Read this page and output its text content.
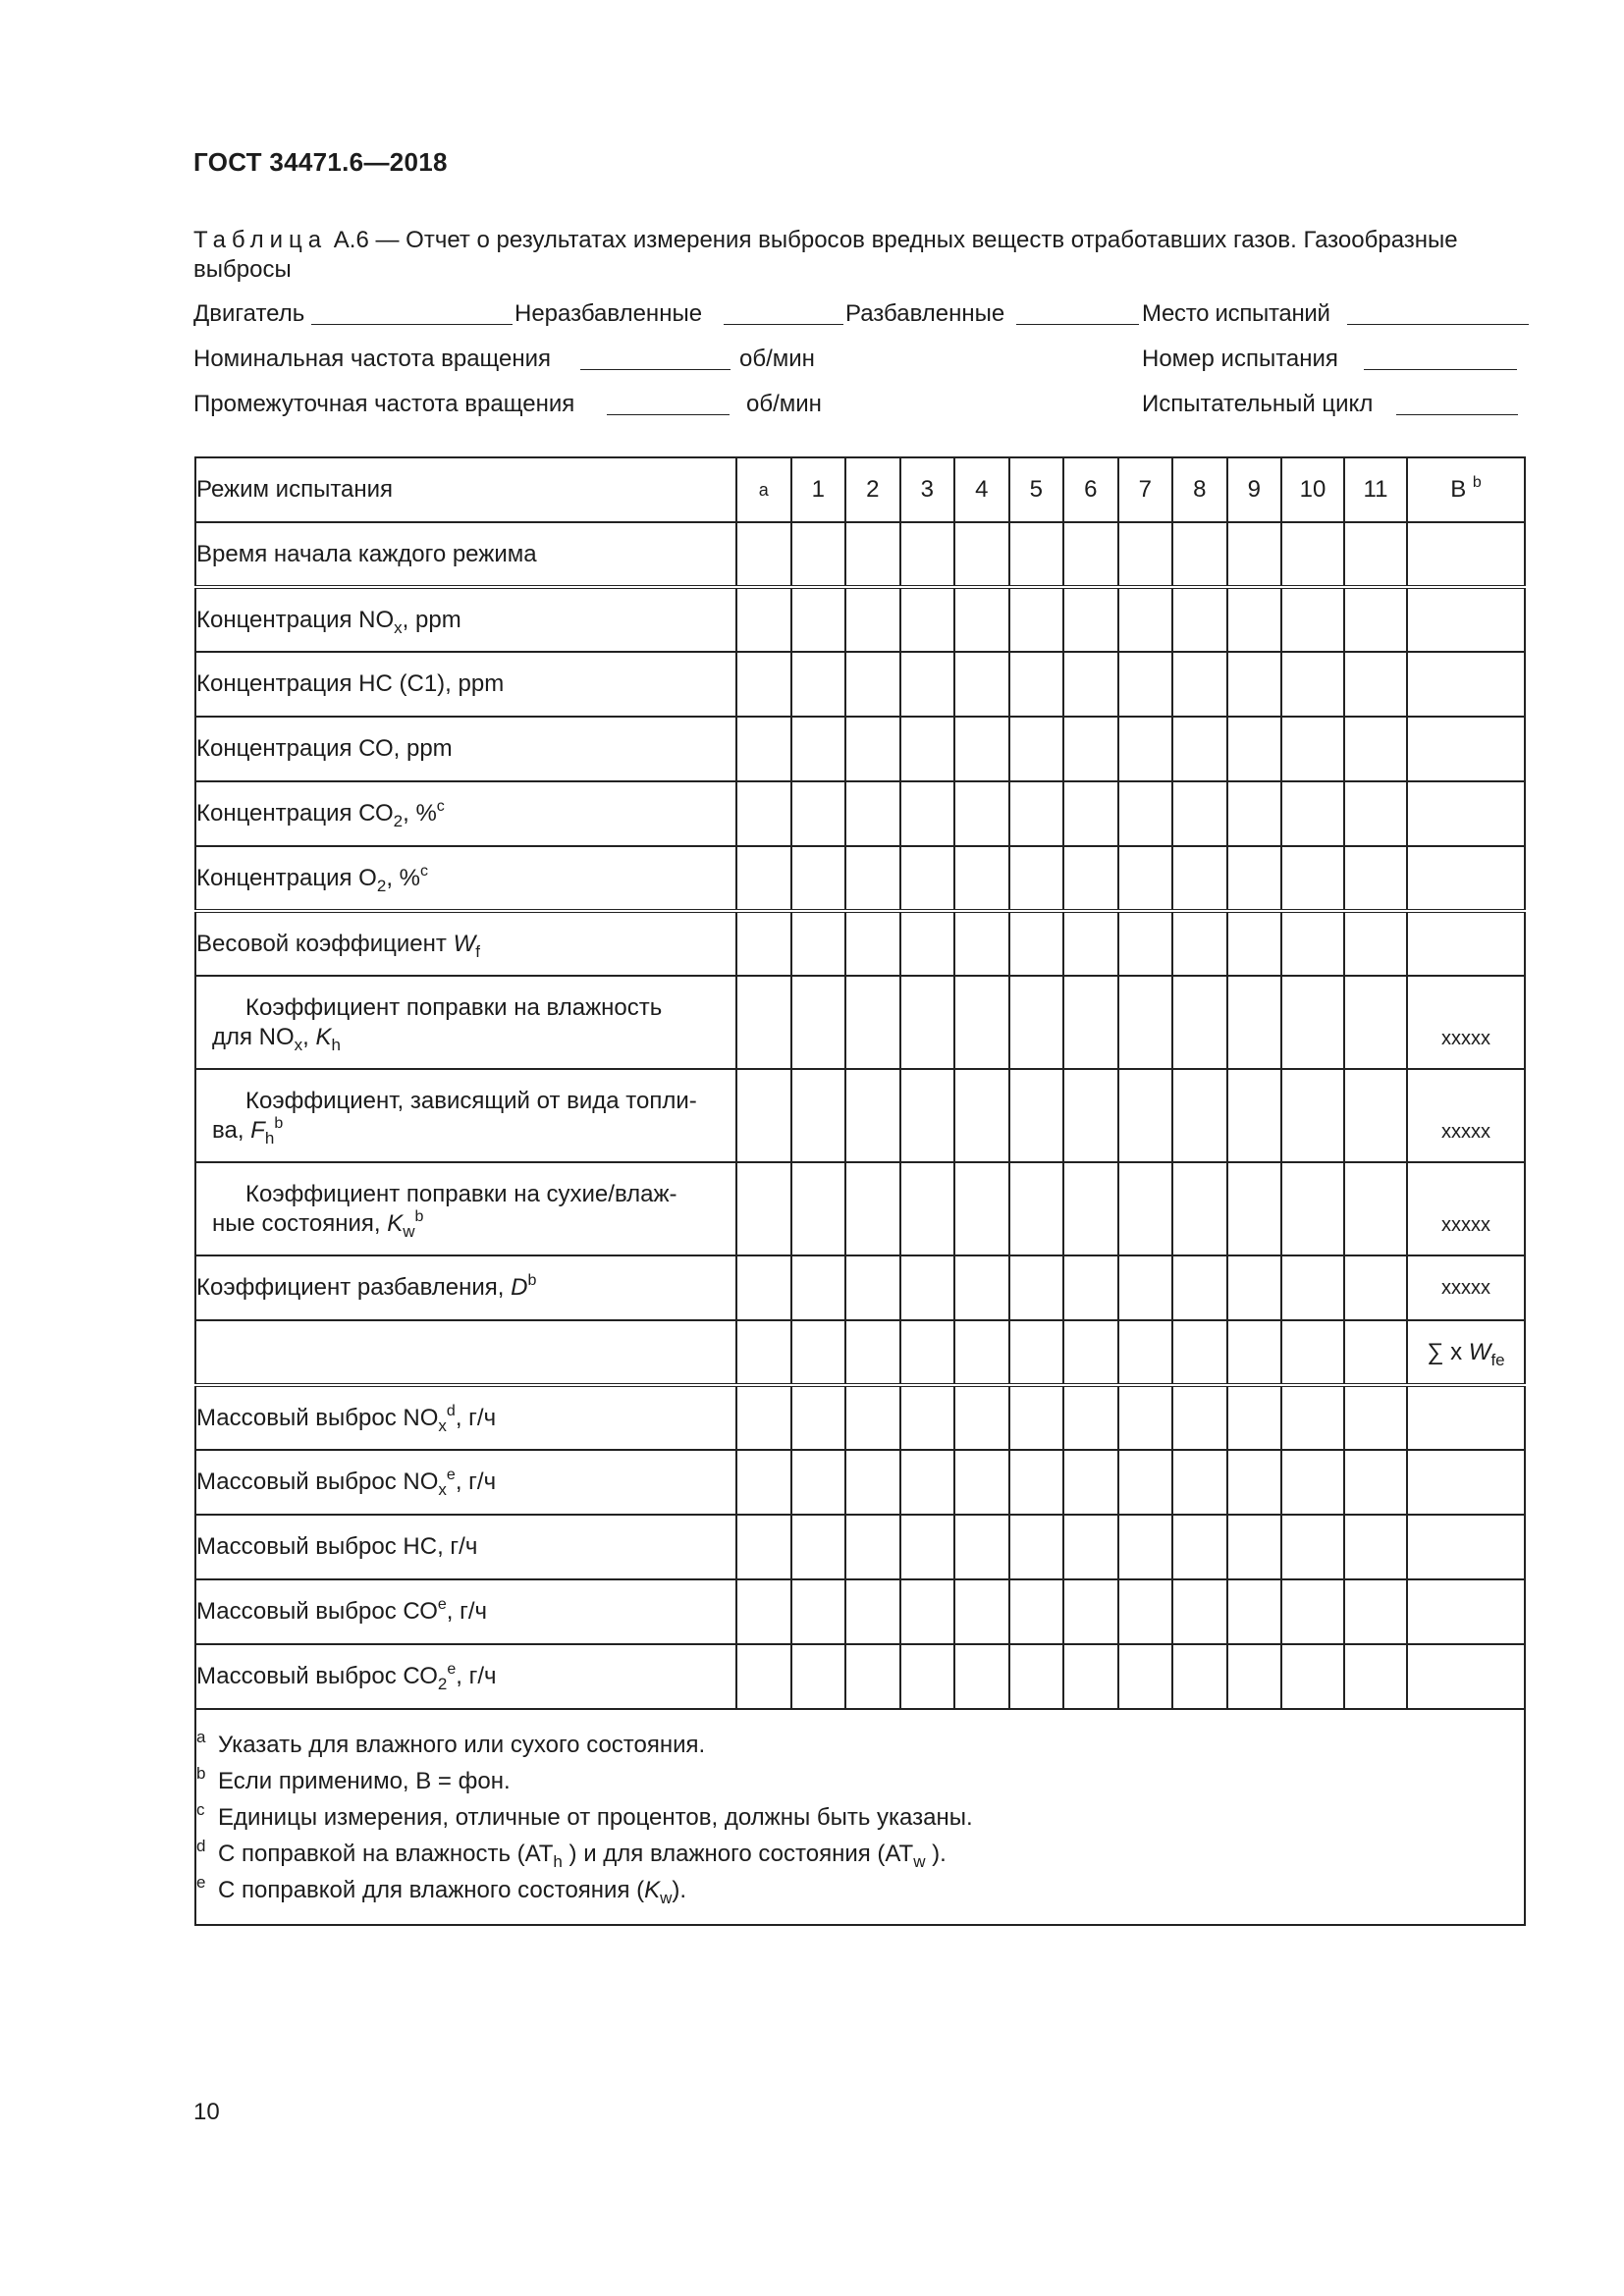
ГОСТ 34471.6—2018
Таблица А.6 — Отчет о результатах измерения выбросов вредных веществ отработавших газов. Газообразные
выбросы
Двигатель	Неразбавленные	Разбавленные	Место испытаний
Номинальная частота вращения	об/мин	Номер испытания
Промежуточная частота вращения	об/мин	Испытательный цикл
Режим испытания	a	1	2	3	4	5	6	7	8	9	10	11	B $^b$
Время начала каждого режима													
Концентрация $NO_x$, ppm													
Концентрация НС (С1), ppm													
Концентрация СО, ppm													
Концентрация $СО_2$, %$^c$													
Концентрация $О_2$, %$^c$													
Весовой коэффициент $W_f$													
Коэффициент поправки на влажность
для $NO_x$, $K_h$													xxxxx
Коэффициент, зависящий от вида топли-
ва, $F_h^b$													xxxxx
Коэффициент поправки на сухие/влаж-
ные состояния, $K_w^b$													xxxxx
Коэффициент разбавления, $D^b$													xxxxx
													∑ x $W_{fe}$
Массовый выброс $NO_x^d$, г/ч													
Массовый выброс $NO_x^e$, г/ч													
Массовый выброс НС, г/ч													
Массовый выброс $СО^e$, г/ч													
Массовый выброс $СО_2^e$, г/ч													

$^a$ Указать для влажного или сухого состояния.
$^b$ Если применимо, В = фон.
$^c$ Единицы измерения, отличные от процентов, должны быть указаны.
$^d$ С поправкой на влажность ($АТ_h$ ) и для влажного состояния ($АТ_w$ ).
$^e$ С поправкой для влажного состояния $(K_w)$.													
10
